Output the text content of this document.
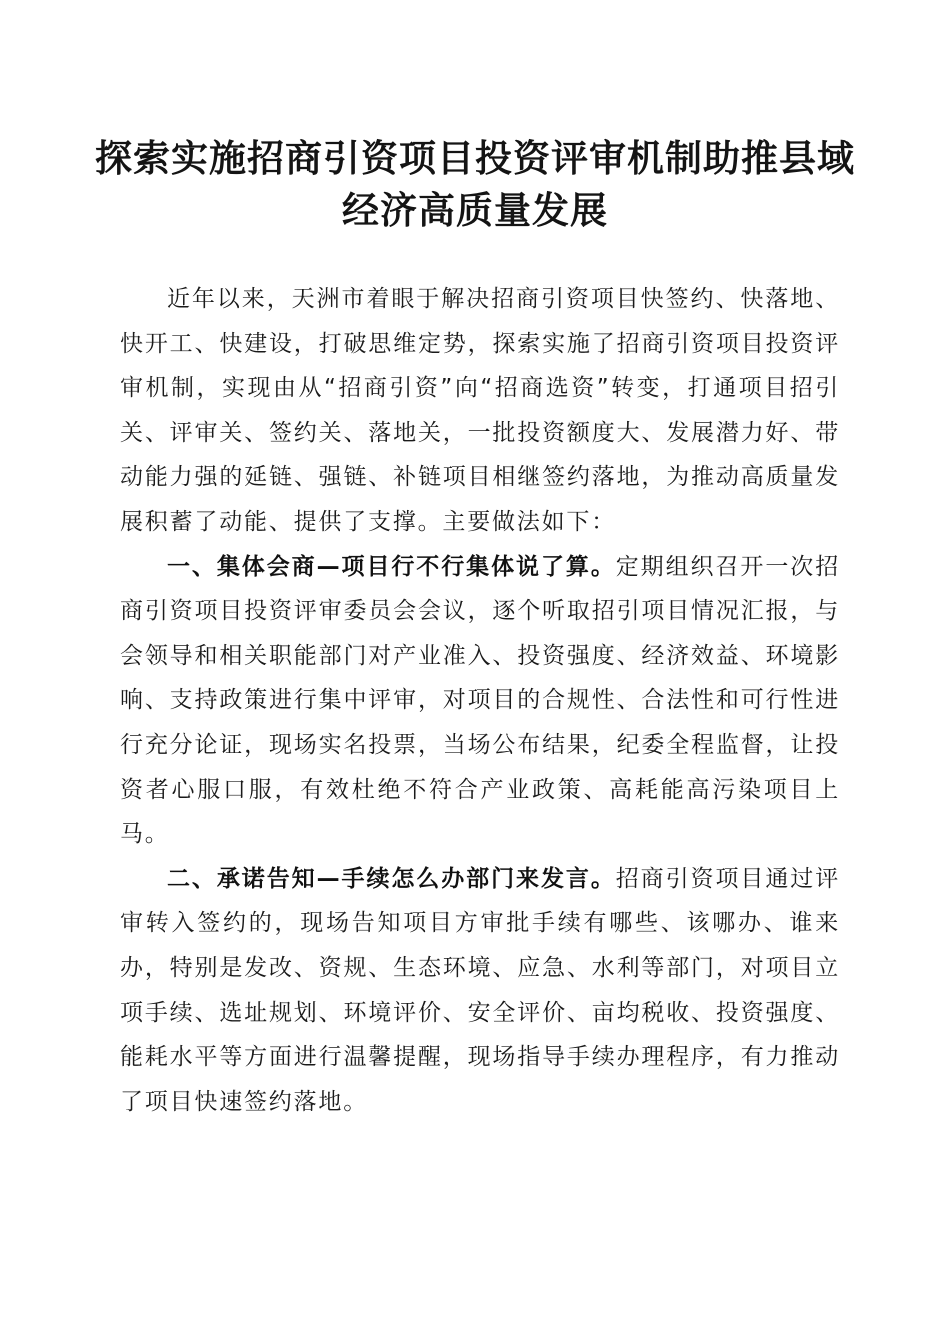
探索实施招商引资项目投资评审机制助推县域
经济高质量发展

近年以来，天洲市着眼于解决招商引资项目快签约、快落地、快开工、快建设，打破思维定势，探索实施了招商引资项目投资评审机制，实现由从“招商引资”向“招商选资”转变，打通项目招引关、评审关、签约关、落地关，一批投资额度大、发展潜力好、带动能力强的延链、强链、补链项目相继签约落地，为推动高质量发展积蓄了动能、提供了支撑。主要做法如下：

一、集体会商—项目行不行集体说了算。定期组织召开一次招商引资项目投资评审委员会会议，逐个听取招引项目情况汇报，与会领导和相关职能部门对产业准入、投资强度、经济效益、环境影响、支持政策进行集中评审，对项目的合规性、合法性和可行性进行充分论证，现场实名投票，当场公布结果，纪委全程监督，让投资者心服口服，有效杜绝不符合产业政策、高耗能高污染项目上马。

二、承诺告知—手续怎么办部门来发言。招商引资项目通过评审转入签约的，现场告知项目方审批手续有哪些、该哪办、谁来办，特别是发改、资规、生态环境、应急、水利等部门，对项目立项手续、选址规划、环境评价、安全评价、亩均税收、投资强度、能耗水平等方面进行温馨提醒，现场指导手续办理程序，有力推动了项目快速签约落地。
